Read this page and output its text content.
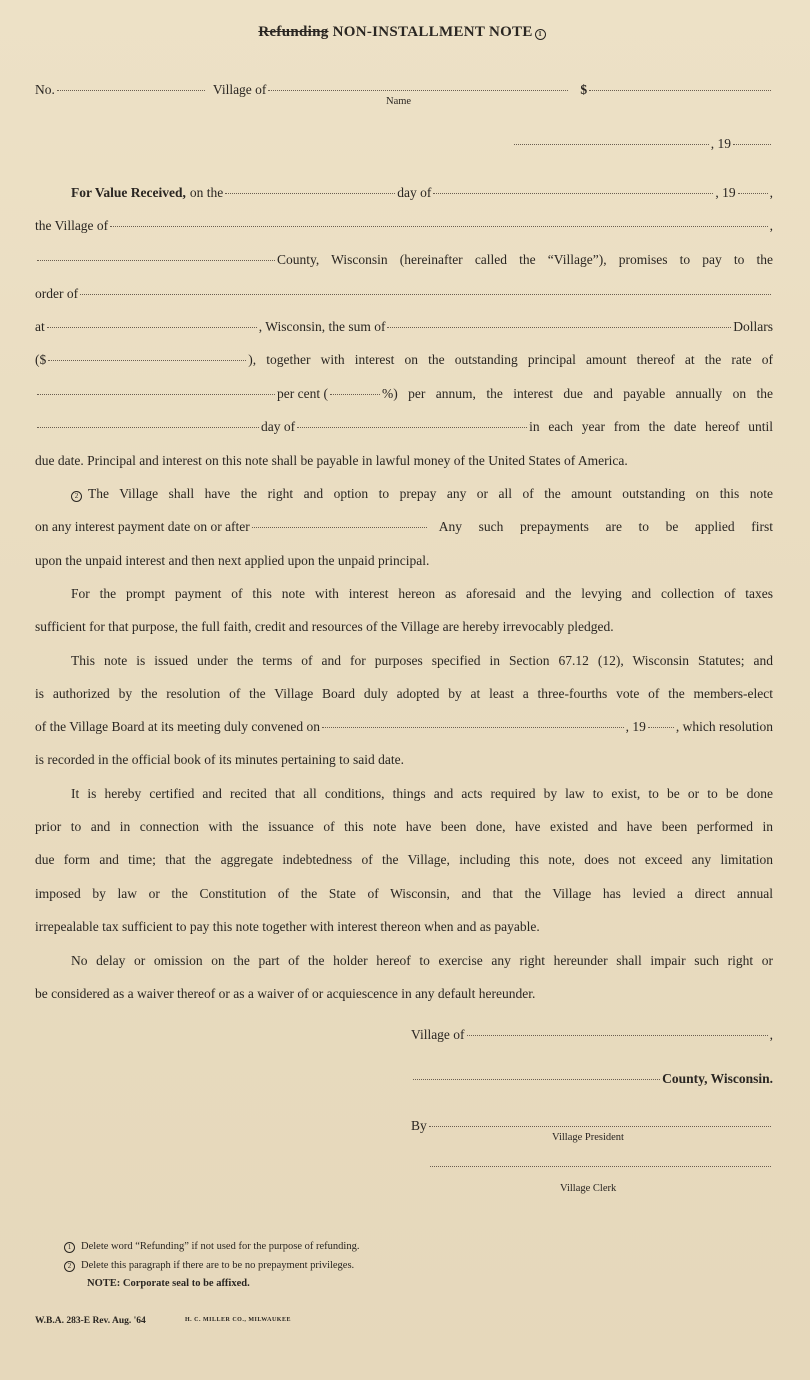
Refunding NON-INSTALLMENT NOTE 1
No.	Village of	$
Name
, 19
For Value Received, on the	day of	, 19	,
the Village of	,
County, Wisconsin (hereinafter called the “Village”), promises to pay to the
order of
at	, Wisconsin, the sum of	Dollars
($	), together with interest on the outstanding principal amount thereof at the rate of
per cent (	%) per annum, the interest due and payable annually on the
day of	in each year from the date hereof until
due date. Principal and interest on this note shall be payable in lawful money of the United States of America.
2 The Village shall have the right and option to prepay any or all of the amount outstanding on this note
on any interest payment date on or after	Any such prepayments are to be applied first
upon the unpaid interest and then next applied upon the unpaid principal.
For the prompt payment of this note with interest hereon as aforesaid and the levying and collection of taxes
sufficient for that purpose, the full faith, credit and resources of the Village are hereby irrevocably pledged.
This note is issued under the terms of and for purposes specified in Section 67.12 (12), Wisconsin Statutes; and
is authorized by the resolution of the Village Board duly adopted by at least a three-fourths vote of the members-elect
of the Village Board at its meeting duly convened on	, 19 , which resolution
is recorded in the official book of its minutes pertaining to said date.
It is hereby certified and recited that all conditions, things and acts required by law to exist, to be or to be done
prior to and in connection with the issuance of this note have been done, have existed and have been performed in
due form and time; that the aggregate indebtedness of the Village, including this note, does not exceed any limitation
imposed by law or the Constitution of the State of Wisconsin, and that the Village has levied a direct annual
irrepealable tax sufficient to pay this note together with interest thereon when and as payable.
No delay or omission on the part of the holder hereof to exercise any right hereunder shall impair such right or
be considered as a waiver thereof or as a waiver of or acquiescence in any default hereunder.
Village of	,
County, Wisconsin.
By
Village President
Village Clerk
1 Delete word “Refunding” if not used for the purpose of refunding.
2 Delete this paragraph if there are to be no prepayment privileges.
NOTE: Corporate seal to be affixed.
W.B.A. 283-E Rev. Aug. '64	H. C. MILLER CO., MILWAUKEE
